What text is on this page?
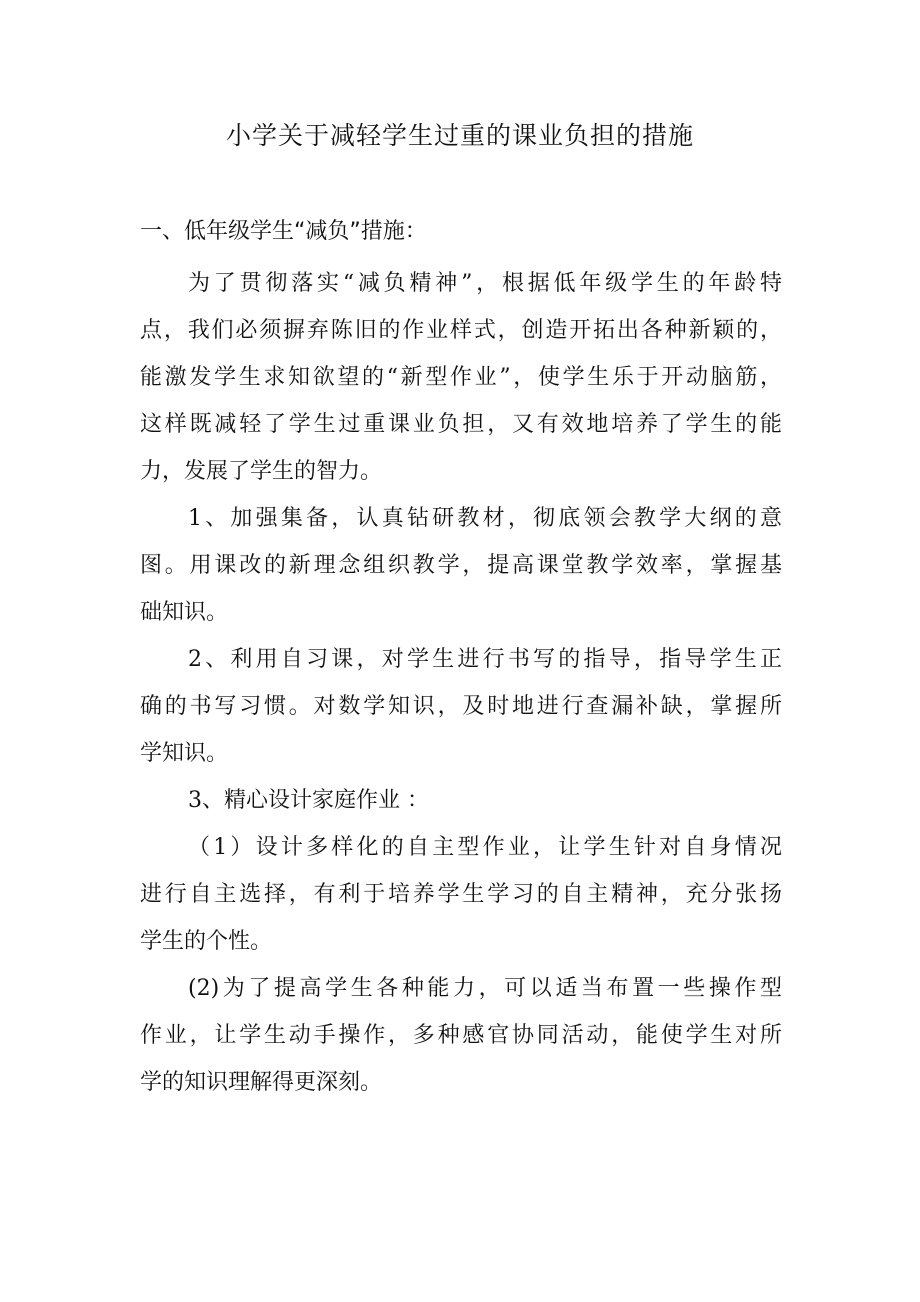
小学关于减轻学生过重的课业负担的措施
一、低年级学生“减负”措施：

为了贯彻落实“减负精神”，根据低年级学生的年龄特
点，我们必须摒弃陈旧的作业样式，创造开拓出各种新颖的，
能激发学生求知欲望的“新型作业”，使学生乐于开动脑筋，
这样既减轻了学生过重课业负担，又有效地培养了学生的能
力，发展了学生的智力。

1、加强集备，认真钻研教材，彻底领会教学大纲的意
图。用课改的新理念组织教学，提高课堂教学效率，掌握基
础知识。

2、利用自习课，对学生进行书写的指导，指导学生正
确的书写习惯。对数学知识，及时地进行查漏补缺，掌握所
学知识。

3、精心设计家庭作业 ：

（1）设计多样化的自主型作业，让学生针对自身情况
进行自主选择，有利于培养学生学习的自主精神，充分张扬
学生的个性。

(2)为了提高学生各种能力，可以适当布置一些操作型
作业，让学生动手操作，多种感官协同活动，能使学生对所
学的知识理解得更深刻。
